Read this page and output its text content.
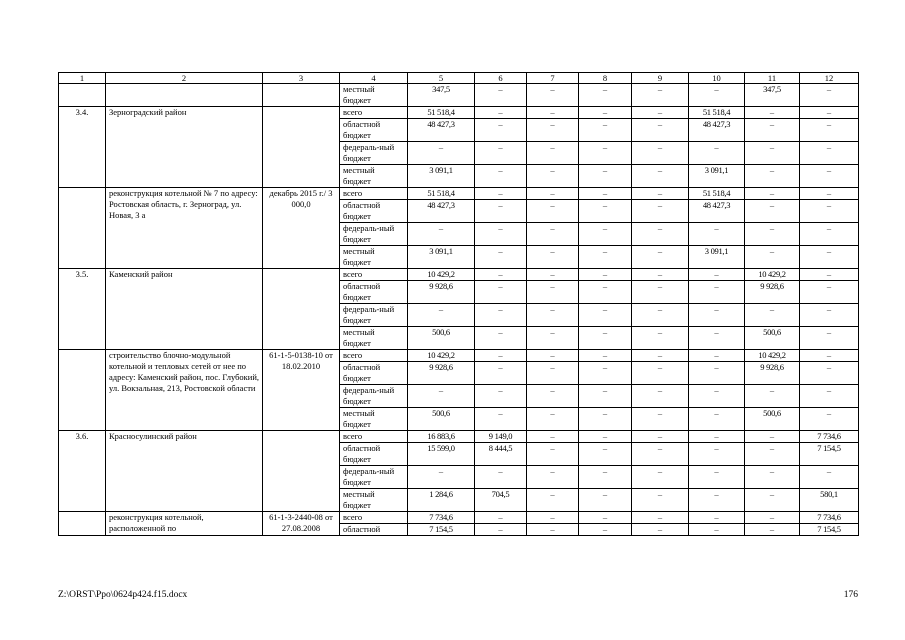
1	2	3	4	5	6	7	8	9	10	11	12
			местный бюджет	347,5	–	–	–	–	–	347,5	–
3.4.	Зерноградский район		всего	51 518,4	–	–	–	–	51 518,4	–	–
			областной бюджет	48 427,3	–	–	–	–	48 427,3	–	–
			федераль-ный бюджет	–	–	–	–	–	–	–	–
			местный бюджет	3 091,1	–	–	–	–	3 091,1	–	–
	реконструкция котельной № 7 по адресу: Ростовская область, г. Зерноград, ул. Новая, 3 а	декабрь 2015 г./ 3 000,0	всего	51 518,4	–	–	–	–	51 518,4	–	–
			областной бюджет	48 427,3	–	–	–	–	48 427,3	–	–
			федераль-ный бюджет	–	–	–	–	–	–	–	–
			местный бюджет	3 091,1	–	–	–	–	3 091,1	–	–
3.5.	Каменский район		всего	10 429,2	–	–	–	–	–	10 429,2	–
			областной бюджет	9 928,6	–	–	–	–	–	9 928,6	–
			федераль-ный бюджет	–	–	–	–	–	–	–	–
			местный бюджет	500,6	–	–	–	–	–	500,6	–
	строительство блочно-модульной котельной и тепловых сетей от нее по адресу: Каменский район, пос. Глубокий, ул. Вокзальная, 213, Ростовской области	61-1-5-0138-10 от 18.02.2010	всего	10 429,2	–	–	–	–	–	10 429,2	–
			областной бюджет	9 928,6	–	–	–	–	–	9 928,6	–
			федераль-ный бюджет	–	–	–	–	–	–	–	–
			местный бюджет	500,6	–	–	–	–	–	500,6	–
3.6.	Красносулинский район		всего	16 883,6	9 149,0	–	–	–	–	–	7 734,6
			областной бюджет	15 599,0	8 444,5	–	–	–	–	–	7 154,5
			федераль-ный бюджет	–	–	–	–	–	–	–	–
			местный бюджет	1 284,6	704,5	–	–	–	–	–	580,1
	реконструкция котельной, расположенной по	61-1-3-2440-08 от 27.08.2008	всего	7 734,6	–	–	–	–	–	–	7 734,6
			областной	7 154,5	–	–	–	–	–	–	7 154,5
Z:\ORST\Ppo\0624p424.f15.docx	176
